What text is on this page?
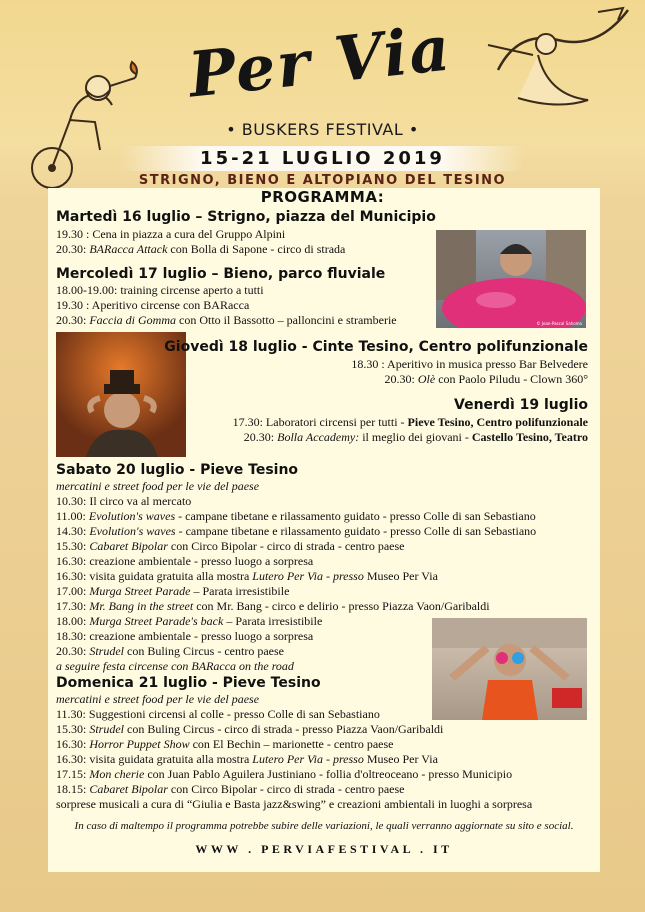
Per Via
• BUSKERS FESTIVAL •
15-21 LUGLIO 2019
STRIGNO, BIENO E ALTOPIANO DEL TESINO
PROGRAMMA:
Martedì 16 luglio – Strigno, piazza del Municipio
19.30 : Cena in piazza a cura del Gruppo Alpini
20.30: BARacca Attack con Bolla di Sapone - circo di strada
© Jean-Pascal Sahoma
Mercoledì 17 luglio – Bieno, parco fluviale
18.00-19.00: training circense aperto a tutti
19.30 : Aperitivo circense con BARacca
20.30: Faccia di Gomma con Otto il Bassotto – palloncini e stramberie
Giovedì 18 luglio - Cinte Tesino, Centro polifunzionale
18.30 : Aperitivo in musica presso Bar Belvedere
20.30: Olè con Paolo Piludu - Clown 360°
Venerdì 19 luglio
17.30: Laboratori circensi per tutti - Pieve Tesino, Centro polifunzionale
20.30: Bolla Accademy: il meglio dei giovani - Castello Tesino, Teatro
Sabato 20 luglio - Pieve Tesino
mercatini e street food per le vie del paese
10.30: Il circo va al mercato
11.00: Evolution's waves - campane tibetane e rilassamento guidato - presso Colle di san Sebastiano
14.30: Evolution's waves - campane tibetane e rilassamento guidato - presso Colle di san Sebastiano
15.30: Cabaret Bipolar con Circo Bipolar - circo di strada - centro paese
16.30: creazione ambientale - presso luogo a sorpresa
16.30: visita guidata gratuita alla mostra Lutero Per Via - presso Museo Per Via
17.00: Murga Street Parade – Parata irresistibile
17.30: Mr. Bang in the street con Mr. Bang - circo e delirio - presso Piazza Vaon/Garibaldi
18.00: Murga Street Parade's back – Parata irresistibile
18.30: creazione ambientale - presso luogo a sorpresa
20.30: Strudel con Buling Circus - centro paese
a seguire festa circense con BARacca on the road
Domenica 21 luglio - Pieve Tesino
mercatini e street food per le vie del paese
11.30: Suggestioni circensi al colle - presso Colle di san Sebastiano
15.30: Strudel con Buling Circus - circo di strada - presso Piazza Vaon/Garibaldi
16.30: Horror Puppet Show con El Bechin – marionette - centro paese
16.30: visita guidata gratuita alla mostra Lutero Per Via - presso Museo Per Via
17.15: Mon cherie con Juan Pablo Aguilera Justiniano - follia d'oltreoceano - presso Municipio
18.15: Cabaret Bipolar con Circo Bipolar - circo di strada - centro paese
sorprese musicali a cura di “Giulia e Basta jazz&swing” e creazioni ambientali in luoghi a sorpresa
In caso di maltempo il programma potrebbe subire delle variazioni, le quali verranno aggiornate su sito e social.
WWW . PERVIAFESTIVAL . IT
